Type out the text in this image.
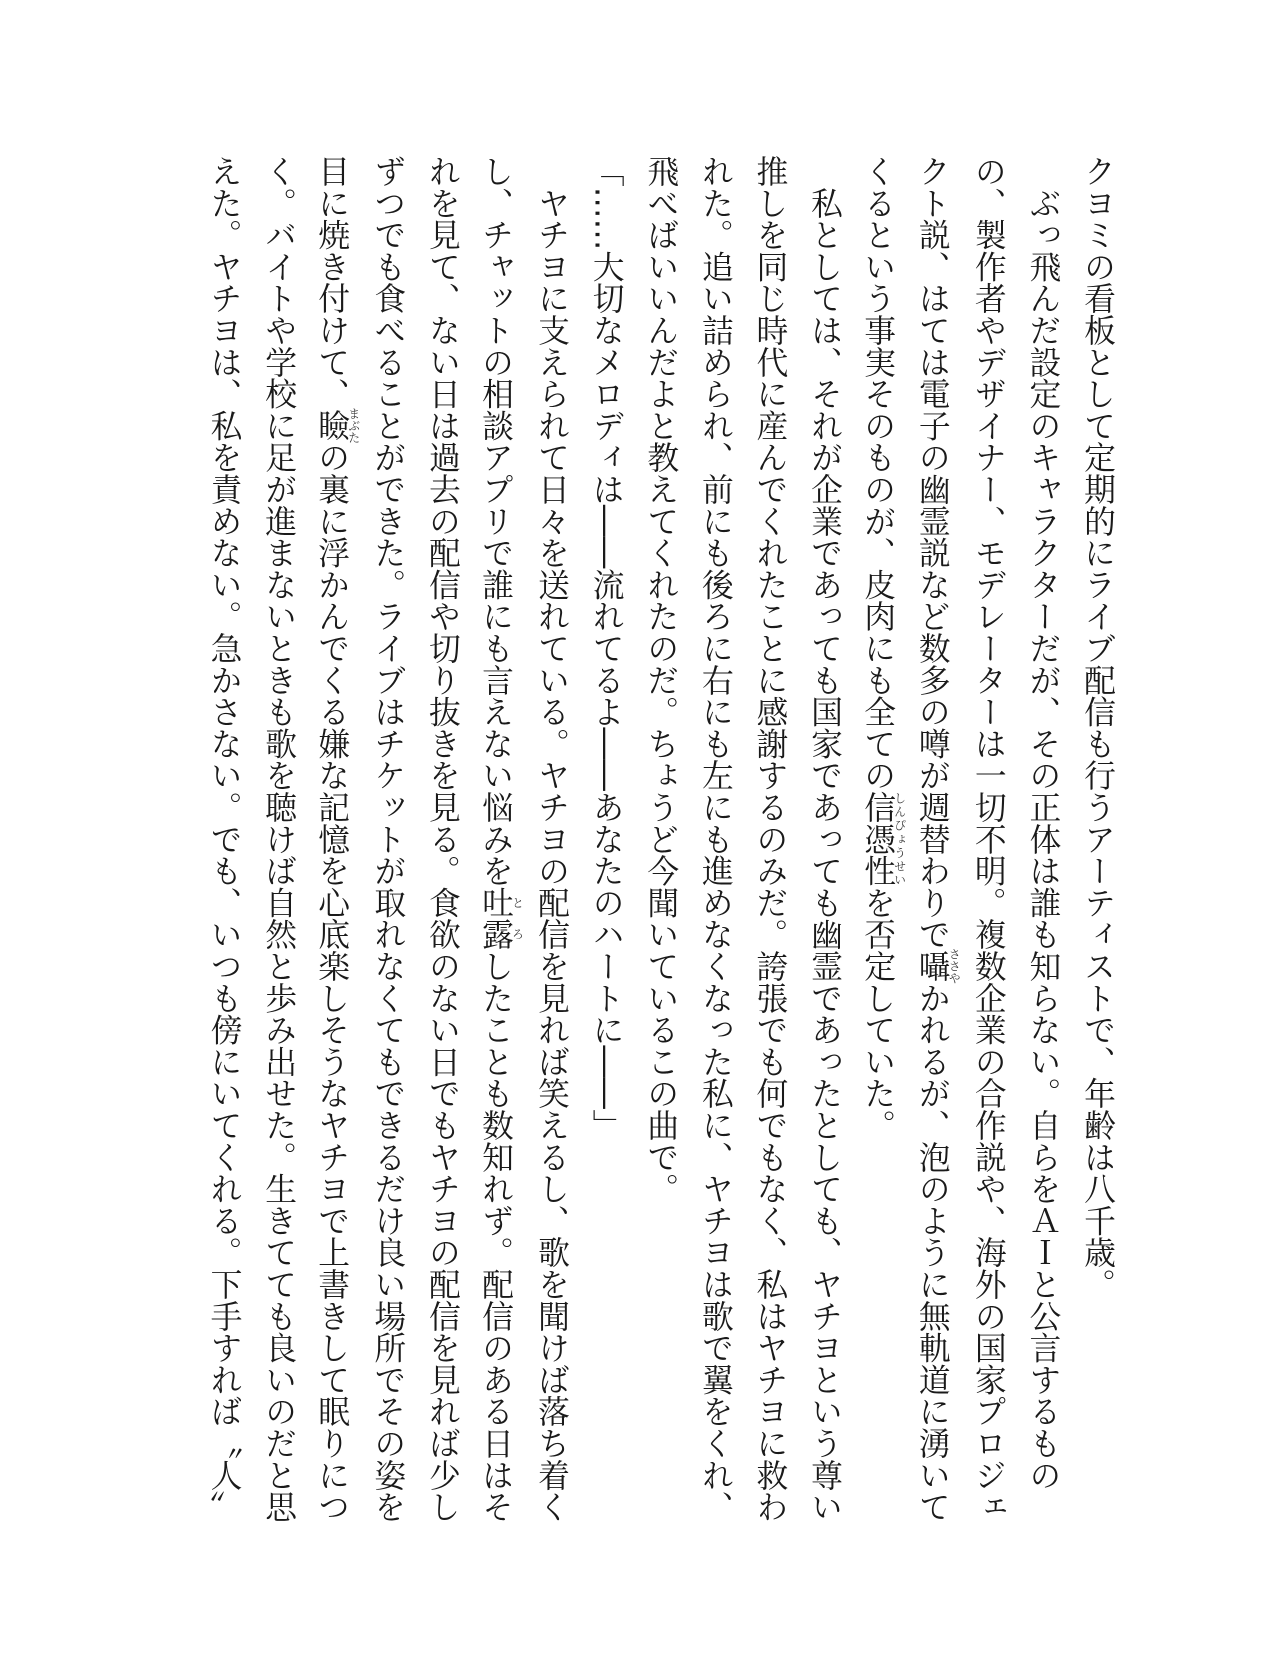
クヨミの看板として定期的にライブ配信も行うアーティストで、年齢は八千歳。
　ぶっ飛んだ設定のキャラクターだが、その正体は誰も知らない。自らをＡＩと公言するもの
の、製作者やデザイナー、モデレーターは一切不明。複数企業の合作説や、海外の国家プロジェ
クト説、はては電子の幽霊説など数多の噂が週替わりで囁ささやかれるが、泡のように無軌道に湧いて
くるという事実そのものが、皮肉にも全ての信憑性しんぴょうせいを否定していた。
　私としては、それが企業であっても国家であっても幽霊であったとしても、ヤチヨという尊い
推しを同じ時代に産んでくれたことに感謝するのみだ。誇張でも何でもなく、私はヤチヨに救わ
れた。追い詰められ、前にも後ろに右にも左にも進めなくなった私に、ヤチヨは歌で翼をくれ、
飛べばいいんだよと教えてくれたのだ。ちょうど今聞いているこの曲で。
「……大切なメロディは――流れてるよ――あなたのハートに――」
　ヤチヨに支えられて日々を送れている。ヤチヨの配信を見れば笑えるし、歌を聞けば落ち着く
し、チャットの相談アプリで誰にも言えない悩みを吐露とろしたことも数知れず。配信のある日はそ
れを見て、ない日は過去の配信や切り抜きを見る。食欲のない日でもヤチヨの配信を見れば少し
ずつでも食べることができた。ライブはチケットが取れなくてもできるだけ良い場所でその姿を
目に焼き付けて、瞼まぶたの裏に浮かんでくる嫌な記憶を心底楽しそうなヤチヨで上書きして眠りにつ
く。バイトや学校に足が進まないときも歌を聴けば自然と歩み出せた。生きてても良いのだと思
えた。ヤチヨは、私を責めない。急かさない。でも、いつも傍にいてくれる。下手すれば〝人〟
